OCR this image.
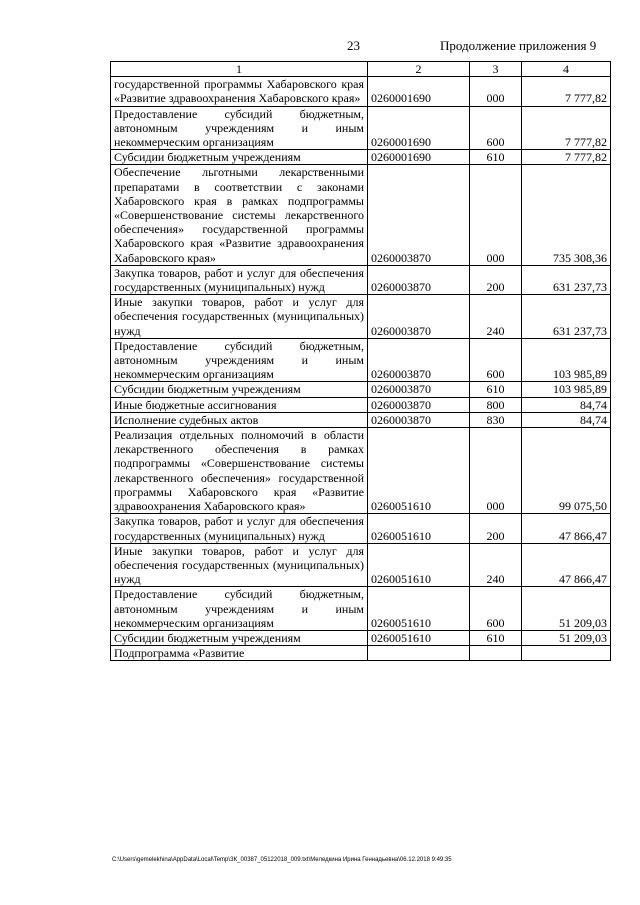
23	Продолжение приложения 9
1	2	3	4
государственной программы Хабаровского края «Развитие здравоохранения Хабаровского края»	0260001690	000	7 777,82
Предоставление субсидий бюджетным, автономным учреждениям и иным некоммерческим организациям	0260001690	600	7 777,82
Субсидии бюджетным учреждениям	0260001690	610	7 777,82
Обеспечение льготными лекарственными препаратами в соответствии с законами Хабаровского края в рамках подпрограммы «Совершенствование системы лекарственного обеспечения» государственной программы Хабаровского края «Развитие здравоохранения Хабаровского края»	0260003870	000	735 308,36
Закупка товаров, работ и услуг для обеспечения государственных (муниципальных) нужд	0260003870	200	631 237,73
Иные закупки товаров, работ и услуг для обеспечения государственных (муниципальных) нужд	0260003870	240	631 237,73
Предоставление субсидий бюджетным, автономным учреждениям и иным некоммерческим организациям	0260003870	600	103 985,89
Субсидии бюджетным учреждениям	0260003870	610	103 985,89
Иные бюджетные ассигнования	0260003870	800	84,74
Исполнение судебных актов	0260003870	830	84,74
Реализация отдельных полномочий в области лекарственного обеспечения в рамках подпрограммы «Совершенствование системы лекарственного обеспечения» государственной программы Хабаровского края «Развитие здравоохранения Хабаровского края»	0260051610	000	99 075,50
Закупка товаров, работ и услуг для обеспечения государственных (муниципальных) нужд	0260051610	200	47 866,47
Иные закупки товаров, работ и услуг для обеспечения государственных (муниципальных) нужд	0260051610	240	47 866,47
Предоставление субсидий бюджетным, автономным учреждениям и иным некоммерческим организациям	0260051610	600	51 209,03
Субсидии бюджетным учреждениям	0260051610	610	51 209,03
Подпрограмма «Развитие			
C:\Users\gemelekhina\AppData\Local\Temp\ЗК_00387_05122018_009.txt\Меледкина Ирина Геннадьевна\06.12.2018 9:49:35
